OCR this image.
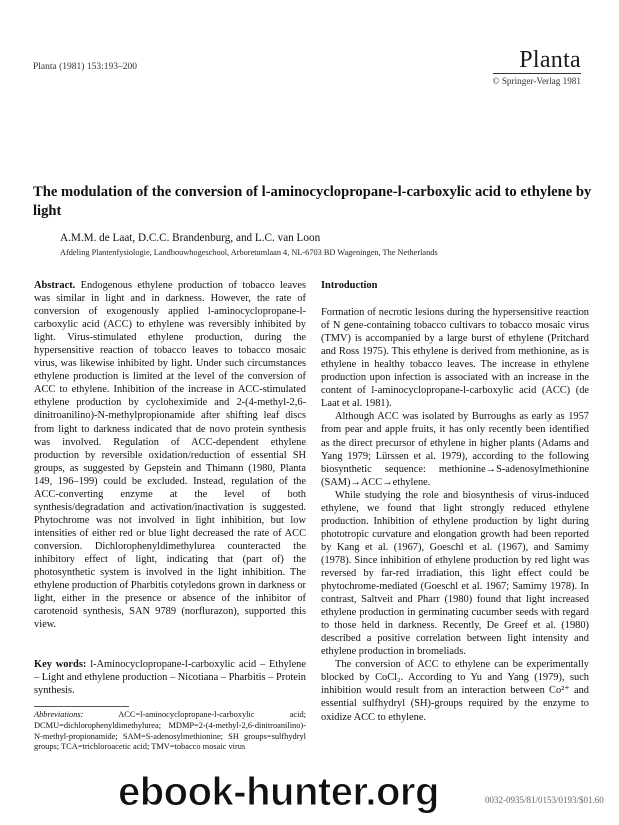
Planta (1981) 153:193–200	Planta
© Springer-Verlag 1981
The modulation of the conversion of l-aminocyclopropane-l-carboxylic acid to ethylene by light
A.M.M. de Laat, D.C.C. Brandenburg, and L.C. van Loon
Afdeling Plantenfysiologie, Landbouwhogeschool, Arboretumlaan 4, NL-6703 BD Wageningen, The Netherlands

Abstract. Endogenous ethylene production of tobacco leaves was similar in light and in darkness. However, the rate of conversion of exogenously applied l-aminocyclopropane-l-carboxylic acid (ACC) to ethylene was reversibly inhibited by light. Virus-stimulated ethylene production, during the hypersensitive reaction of tobacco leaves to tobacco mosaic virus, was likewise inhibited by light. Under such circumstances ethylene production is limited at the level of the conversion of ACC to ethylene. Inhibition of the increase in ACC-stimulated ethylene production by cycloheximide and 2-(4-methyl-2,6-dinitroanilino)-N-methylpropionamide after shifting leaf discs from light to darkness indicated that de novo protein synthesis was involved. Regulation of ACC-dependent ethylene production by reversible oxidation/reduction of essential SH groups, as suggested by Gepstein and Thimann (1980, Planta 149, 196–199) could be excluded. Instead, regulation of the ACC-converting enzyme at the level of both synthesis/degradation and activation/inactivation is suggested. Phytochrome was not involved in light inhibition, but low intensities of either red or blue light decreased the rate of ACC conversion. Dichlorophenyldimethylurea counteracted the inhibitory effect of light, indicating that (part of) the photosynthetic system is involved in the light inhibition. The ethylene production of Pharbitis cotyledons grown in darkness or light, either in the presence or absence of the inhibitor of carotenoid synthesis, SAN 9789 (norflurazon), supported this view.

Key words: l-Aminocyclopropane-l-carboxylic acid – Ethylene – Light and ethylene production – Nicotiana – Pharbitis – Protein synthesis.

Abbreviations:	ACC=l-aminocyclopropane-l-carboxylic acid; DCMU=dichlorophenyldimethylurea; MDMP=2-(4-methyl-2,6-dinitroanilino)-N-methyl-propionamide; SAM=S-adenosylmethionine; SH groups=sulfhydryl groups; TCA=trichloroacetic acid; TMV=tobacco mosaic virus

Introduction

Formation of necrotic lesions during the hypersensitive reaction of N gene-containing tobacco cultivars to tobacco mosaic virus (TMV) is accompanied by a large burst of ethylene (Pritchard and Ross 1975). This ethylene is derived from methionine, as is ethylene in healthy tobacco leaves. The increase in ethylene production upon infection is associated with an increase in the content of l-aminocyclopropane-l-carboxylic acid (ACC) (de Laat et al. 1981).

Although ACC was isolated by Burroughs as early as 1957 from pear and apple fruits, it has only recently been identified as the direct precursor of ethylene in higher plants (Adams and Yang 1979; Lürssen et al. 1979), according to the following biosynthetic sequence: methionine→S-adenosylmethionine (SAM)→ACC→ethylene.

While studying the role and biosynthesis of virus-induced ethylene, we found that light strongly reduced ethylene production. Inhibition of ethylene production by light during phototropic curvature and elongation growth had been reported by Kang et al. (1967), Goeschl et al. (1967), and Samimy (1978). Since inhibition of ethylene production by red light was reversed by far-red irradiation, this light effect could be phytochrome-mediated (Goeschl et al. 1967; Samimy 1978). In contrast, Saltveit and Pharr (1980) found that light increased ethylene production in germinating cucumber seeds with regard to those held in darkness. Recently, De Greef et al. (1980) described a positive correlation between light intensity and ethylene production in bromeliads.

The conversion of ACC to ethylene can be experimentally blocked by CoCl₂. According to Yu and Yang (1979), such inhibition would result from an interaction between Co²⁺ and essential sulfhydryl (SH)-groups required by the enzyme to oxidize ACC to ethylene.

0032-0935/81/0153/0193/$01.60
ebook-hunter.org
